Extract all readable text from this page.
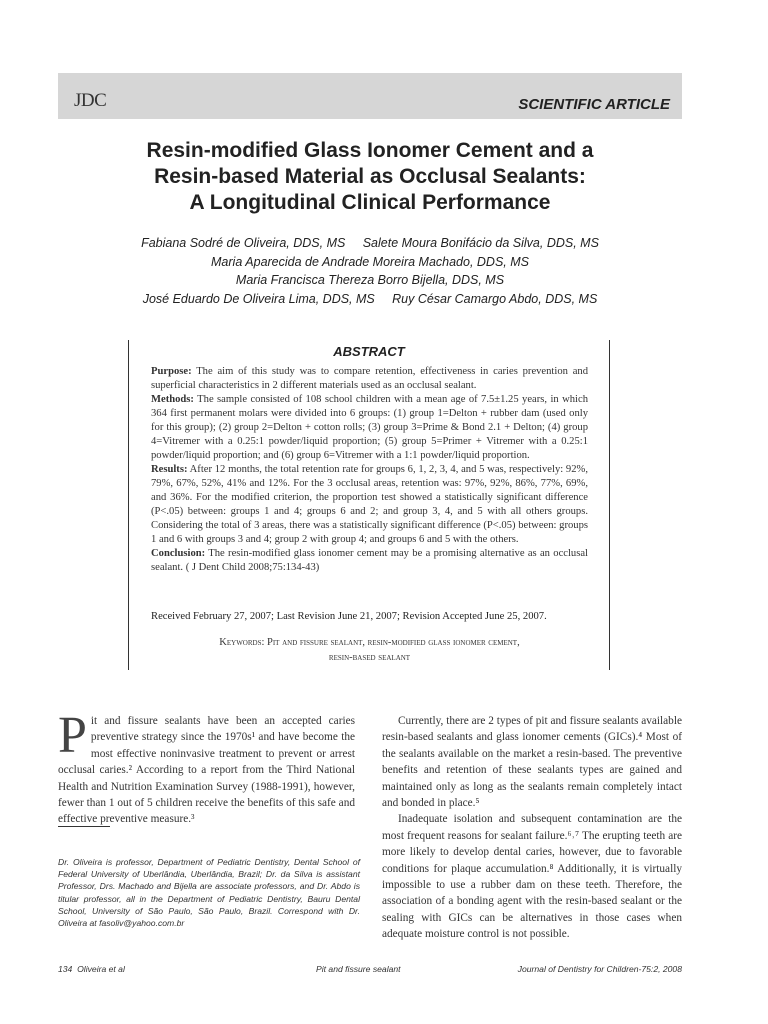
JDC	SCIENTIFIC ARTICLE
Resin-modified Glass Ionomer Cement and a
Resin-based Material as Occlusal Sealants:
A Longitudinal Clinical Performance
Fabiana Sodré de Oliveira, DDS, MS     Salete Moura Bonifácio da Silva, DDS, MS
Maria Aparecida de Andrade Moreira Machado, DDS, MS
Maria Francisca Thereza Borro Bijella, DDS, MS
José Eduardo De Oliveira Lima, DDS, MS     Ruy César Camargo Abdo, DDS, MS
ABSTRACT

Purpose: The aim of this study was to compare retention, effectiveness in caries prevention and superficial characteristics in 2 different materials used as an occlusal sealant.

Methods: The sample consisted of 108 school children with a mean age of 7.5±1.25 years, in which 364 first permanent molars were divided into 6 groups: (1) group 1=Delton + rubber dam (used only for this group); (2) group 2=Delton + cotton rolls; (3) group 3=Prime & Bond 2.1 + Delton; (4) group 4=Vitremer with a 0.25:1 powder/liquid proportion; (5) group 5=Primer + Vitremer with a 0.25:1 powder/liquid proportion; and (6) group 6=Vitremer with a 1:1 powder/liquid proportion.

Results: After 12 months, the total retention rate for groups 6, 1, 2, 3, 4, and 5 was, respectively: 92%, 79%, 67%, 52%, 41% and 12%. For the 3 occlusal areas, retention was: 97%, 92%, 86%, 77%, 69%, and 36%. For the modified criterion, the proportion test showed a statistically significant difference (P<.05) between: groups 1 and 4; groups 6 and 2; and group 3, 4, and 5 with all others groups. Considering the total of 3 areas, there was a statistically significant difference (P<.05) between: groups 1 and 6 with groups 3 and 4; group 2 with group 4; and groups 6 and 5 with the others.

Conclusion: The resin-modified glass ionomer cement may be a promising alternative as an occlusal sealant. ( J Dent Child 2008;75:134-43)

Received February 27, 2007; Last Revision June 21, 2007; Revision Accepted June 25, 2007.
Keywords: Pit and fissure sealant, resin-modified glass ionomer cement,
resin-based sealant
Pit and fissure sealants have been an accepted caries preventive strategy since the 1970s¹ and have become the most effective noninvasive treatment to prevent or arrest occlusal caries.² According to a report from the Third National Health and Nutrition Examination Survey (1988-1991), however, fewer than 1 out of 5 children receive the benefits of this safe and effective preventive measure.³
Dr. Oliveira is professor, Department of Pediatric Dentistry, Dental School of Federal University of Uberlândia, Uberlândia, Brazil; Dr. da Silva is assistant Professor, Drs. Machado and Bijella are associate professors, and Dr. Abdo is titular professor, all in the Department of Pediatric Dentistry, Bauru Dental School, University of São Paulo, São Paulo, Brazil. Correspond with Dr. Oliveira at fasoliv@yahoo.com.br

Currently, there are 2 types of pit and fissure sealants available resin-based sealants and glass ionomer cements (GICs).⁴ Most of the sealants available on the market a resin-based. The preventive benefits and retention of these sealants types are gained and maintained only as long as the sealants remain completely intact and bonded in place.⁵

Inadequate isolation and subsequent contamination are the most frequent reasons for sealant failure.⁶˒⁷ The erupting teeth are more likely to develop dental caries, however, due to favorable conditions for plaque accumulation.⁸ Additionally, it is virtually impossible to use a rubber dam on these teeth. Therefore, the association of a bonding agent with the resin-based sealant or the sealing with GICs can be alternatives in those cases when adequate moisture control is not possible.

134  Oliveira et al	Pit and fissure sealant	Journal of Dentistry for Children-75:2, 2008
